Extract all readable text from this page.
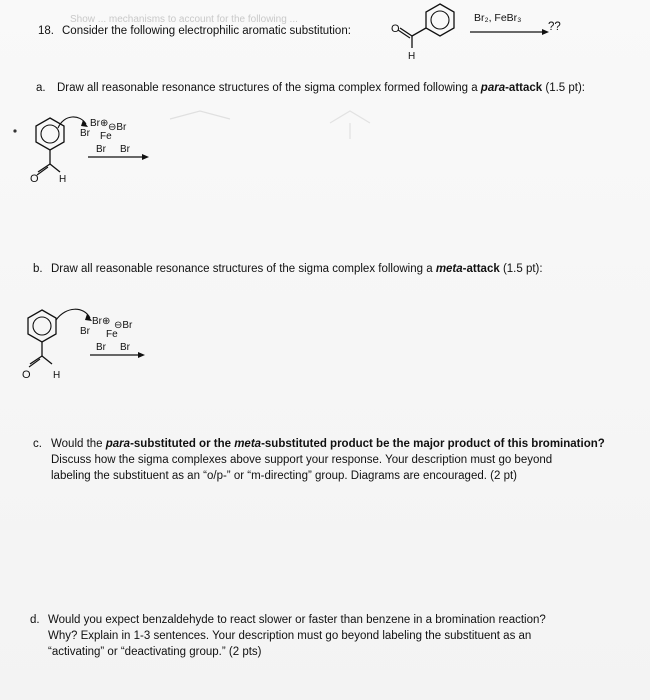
Show ... mechanisms to account for the following ...
18. Consider the following electrophilic aromatic substitution:	O
H
Br₂, FeBr₃
??
a. Draw all reasonable resonance structures of the sigma complex formed following a para-attack (1.5 pt):
O H
Br⊕ ⊖Br
Br Fe
Br Br
b. Draw all reasonable resonance structures of the sigma complex following a meta-attack (1.5 pt):
O H
Br⊕ ⊖Br
Br Fe
Br Br
c. Would the para-substituted or the meta-substituted product be the major product of this bromination?
Discuss how the sigma complexes above support your response. Your description must go beyond
labeling the substituent as an “o/p-” or “m-directing” group. Diagrams are encouraged. (2 pt)
d. Would you expect benzaldehyde to react slower or faster than benzene in a bromination reaction?
Why? Explain in 1-3 sentences. Your description must go beyond labeling the substituent as an
“activating” or “deactivating group.” (2 pts)
